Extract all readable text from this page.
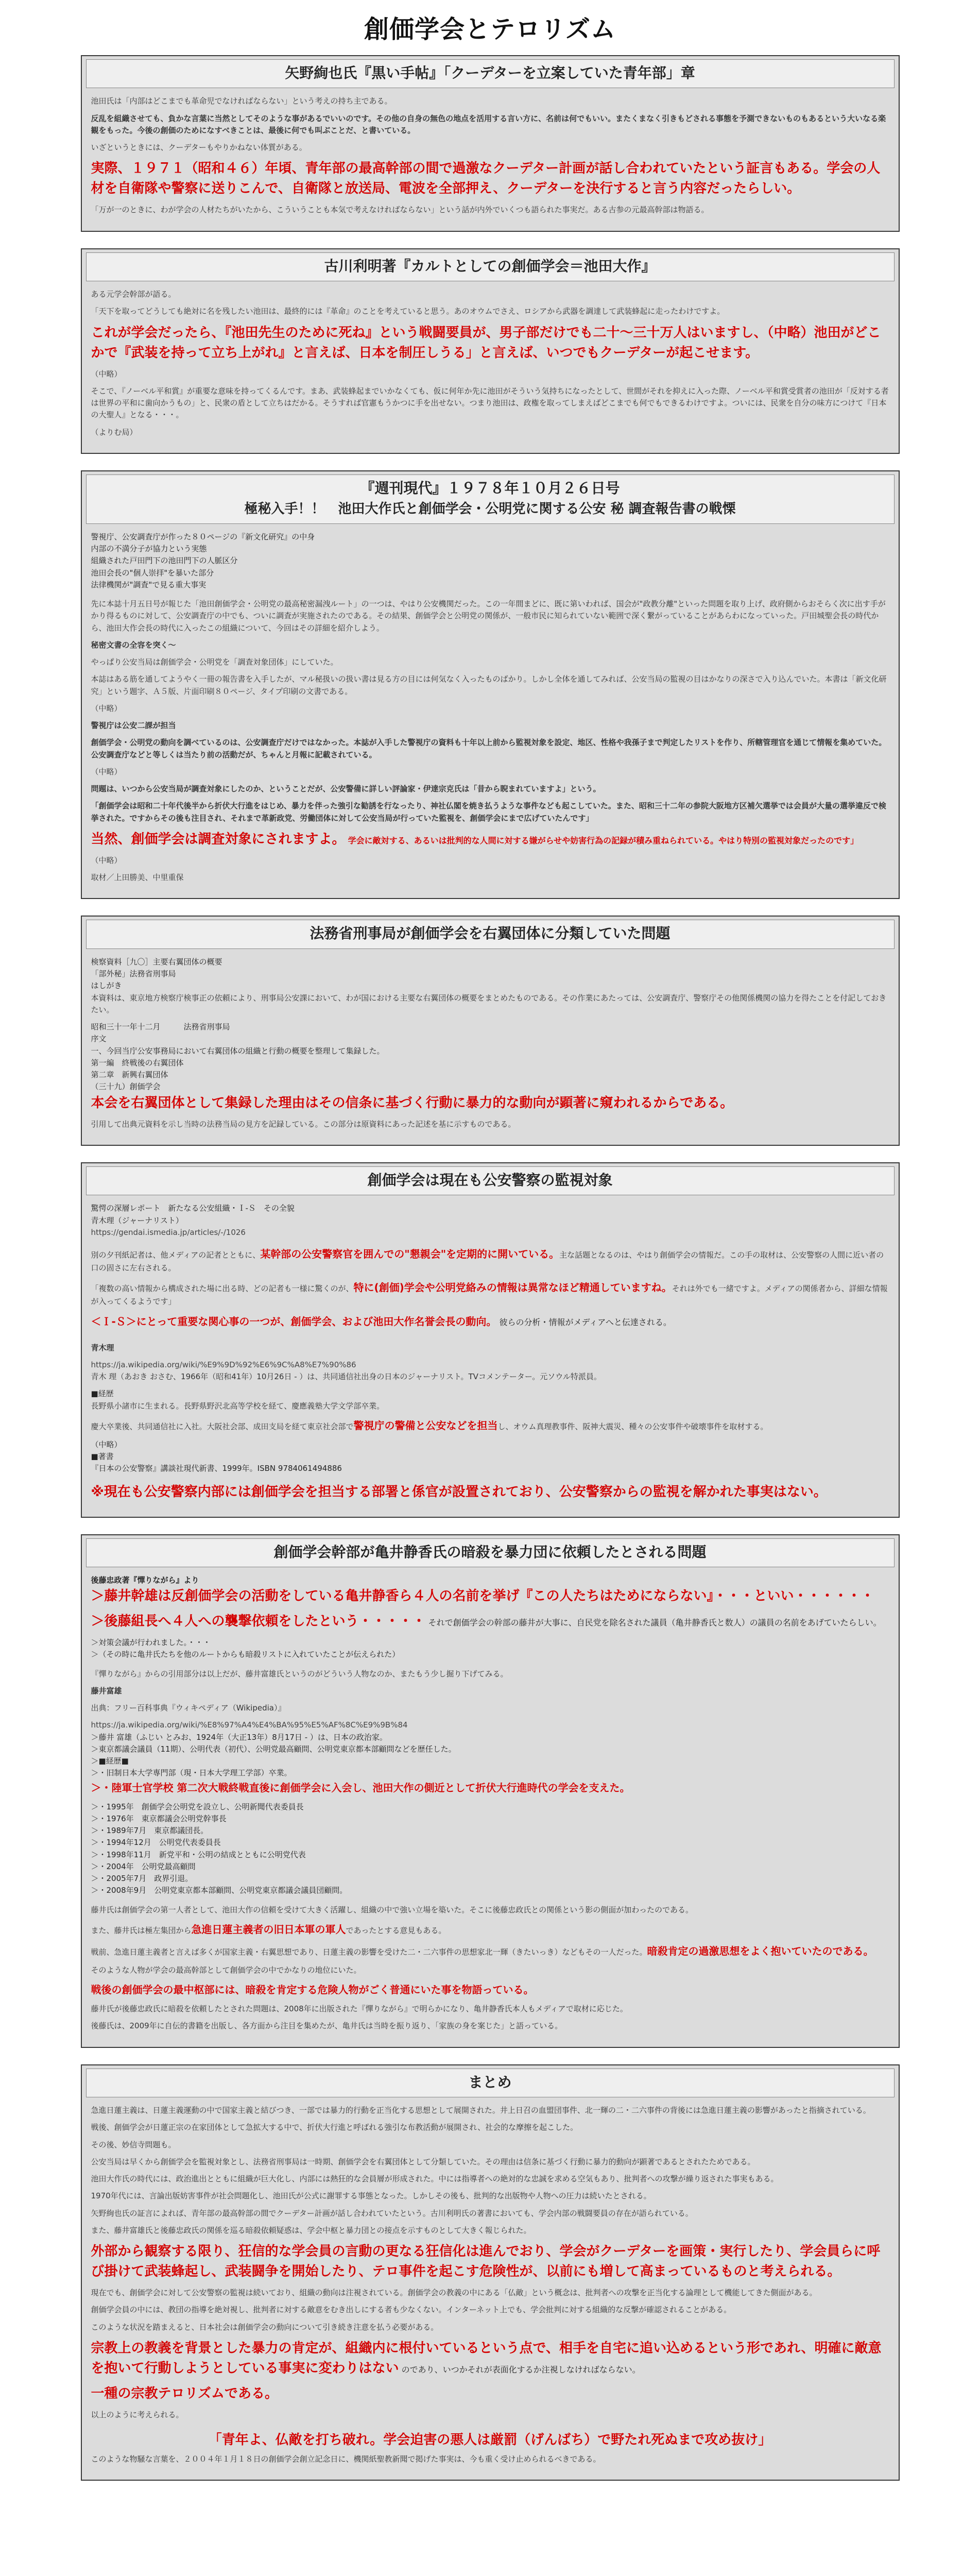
創価学会とテロリズム
矢野絢也氏『黒い手帖』「クーデターを立案していた青年部」章

池田氏は「内部はどこまでも革命児でなければならない」という考えの持ち主である。

反乱を組織させても、負かな言葉に当然としてそのような事があるでいいのです。その他の自身の無色の地点を活用する言い方に、名前は何でもいい。またくまなく引きもどされる事態を予測できないものもあるという大いなる楽観をもった。今後の創価のためになすべきことは、最後に何でも叫ぶことだ、と書いている。

いざというときには、クーデターもやりかねない体質がある。

実際、１９７１（昭和４６）年頃、青年部の最高幹部の間で過激なクーデター計画が話し合われていたという証言もある。学会の人材を自衛隊や警察に送りこんで、自衛隊と放送局、電波を全部押え、クーデターを決行すると言う内容だったらしい。

「万が一のときに、わが学会の人材たちがいたから、こういうことも本気で考えなければならない」という話が内外でいくつも語られた事実だ。ある古参の元最高幹部は物語る。

古川利明著『カルトとしての創価学会＝池田大作』

ある元学会幹部が語る。

「天下を取ってどうしても絶対に名を残したい池田は、最終的には『革命』のことを考えていると思う。あのオウムでさえ、ロシアから武器を調達して武装蜂起に走ったわけですよ。

これが学会だったら、『池田先生のために死ね』という戦闘要員が、男子部だけでも二十〜三十万人はいますし、（中略）池田がどこかで『武装を持って立ち上がれ』と言えば、日本を制圧しうる」と言えば、いつでもクーデターが起こせます。

（中略）

そこで、『ノーベル平和賞』が重要な意味を持ってくるんです。まあ、武装蜂起までいかなくても、仮に何年か先に池田がそういう気持ちになったとして、世間がそれを抑えに入った際、ノーベル平和賞受賞者の池田が「反対する者は世界の平和に歯向かうもの」と、民衆の盾として立ちはだかる。そうすれば官憲もうかつに手を出せない。つまり池田は、政権を取ってしまえばどこまでも何でもできるわけですよ。ついには、民衆を自分の味方につけて『日本の大聖人』となる・・・。

（よりむ局）

『週刊現代』１９７８年１０月２６日号
極秘入手！！　池田大作氏と創価学会・公明党に関する公安 秘 調査報告書の戦慄

警視庁、公安調査庁が作った８０ページの『新文化研究』の中身

内部の不満分子が協力という実態

組織された戸田門下の池田門下の人脈区分

池田会長の"個人崇拝"を暴いた部分

法律機関が"調査"で見る重大事実

先に本誌十月五日号が報じた「池田創価学会・公明党の最高秘密漏洩ルート」の一つは、やはり公安機関だった。この一年間まどに、既に第いわれば、国会が"政教分離"といった問題を取り上げ、政府側からおそらく次に出す手がかり得るものに対して、公安調査庁の中でも、ついに調査が実施されたのである。その結果、創価学会と公明党の関係が、一般市民に知られていない範囲で深く繋がっていることがあらわになっていった。戸田城聖会長の時代から、池田大作会長の時代に入ったこの組織について、今回はその詳細を紹介しよう。

秘密文書の全容を突く〜

やっぱり公安当局は創価学会・公明党を「調査対象団体」にしていた。

本誌はある筋を通してようやく一冊の報告書を入手したが、マル秘扱いの扱い書は見る方の目には何気なく入ったものばかり。しかし全体を通してみれば、公安当局の監視の目はかなりの深さで入り込んでいた。本書は「新文化研究」という題字、Ａ５版、片面印刷８０ページ、タイプ印刷の文書である。

（中略）

警視庁は公安二課が担当

創価学会・公明党の動向を調べているのは、公安調査庁だけではなかった。本誌が入手した警視庁の資料も十年以上前から監視対象を設定、地区、性格や我孫子まで判定したリストを作り、所轄管理官を通じて情報を集めていた。公安調査庁などと等しくは当たり前の活動だが、ちゃんと月報に記載されている。

（中略）

問題は、いつから公安当局が調査対象にしたのか、ということだが、公安警備に詳しい評論家・伊達宗克氏は「昔から睨まれていますよ」という。

「創価学会は昭和二十年代後半から折伏大行進をはじめ、暴力を伴った強引な勧誘を行なったり、神社仏閣を焼き払うような事件なども起こしていた。また、昭和三十二年の参院大阪地方区補欠選挙では会員が大量の選挙違反で検挙された。ですからその後も注目され、それまで革新政党、労働団体に対して公安当局が行っていた監視を、創価学会にまで広げていたんです」

当然、創価学会は調査対象にされますよ。 学会に敵対する、あるいは批判的な人間に対する嫌がらせや妨害行為の記録が積み重ねられている。やはり特別の監視対象だったのです」

（中略）

取材／上田勝美、中里重保

法務省刑事局が創価学会を右翼団体に分類していた問題

検察資料［九〇］主要右翼団体の概要

「部外秘」法務省刑事局

はしがき

本資料は、東京地方検察庁検事正の依頼により、刑事局公安課において、わが国における主要な右翼団体の概要をまとめたものである。その作業にあたっては、公安調査庁、警察庁その他関係機関の協力を得たことを付記しておきたい。

昭和三十一年十二月　　　法務省刑事局

序文

一、今回当庁公安事務局において右翼団体の組織と行動の概要を整理して集録した。

第一編　終戦後の右翼団体

第二章　新興右翼団体

（三十九）創価学会

本会を右翼団体として集録した理由はその信条に基づく行動に暴力的な動向が顕著に窺われるからである。

引用して出典元資料を示し当時の法務当局の見方を記録している。この部分は原資料にあった記述を基に示すものである。

創価学会は現在も公安警察の監視対象

驚愕の深層レポート　新たなる公安組織・Ｉ-Ｓ　その全貌

青木理（ジャーナリスト）

https://gendai.ismedia.jp/articles/-/1026

別の夕刊紙記者は、他メディアの記者とともに、某幹部の公安警察官を囲んでの"懇親会"を定期的に開いている。主な話題となるのは、やはり創価学会の情報だ。この手の取材は、公安警察の人間に近い者の口の固さに左右される。

「複数の高い情報から構成された場に出る時、どの記者も一様に驚くのが、特に(創価)学会や公明党絡みの情報は異常なほど精通していますね。それは外でも一緒ですよ。メディアの関係者から、詳細な情報が入ってくるようです」

＜Ｉ-Ｓ＞にとって重要な関心事の一つが、創価学会、および池田大作名誉会長の動向。 彼らの分析・情報がメディアへと伝達される。

青木理

https://ja.wikipedia.org/wiki/%E9%9D%92%E6%9C%A8%E7%90%86

青木 理（あおき おさむ、1966年（昭和41年）10月26日 - ）は、共同通信社出身の日本のジャーナリスト。TVコメンテーター。元ソウル特派員。

■経歴

長野県小諸市に生まれる。長野県野沢北高等学校を経て、慶應義塾大学文学部卒業。

慶大卒業後、共同通信社に入社。大阪社会部、成田支局を経て東京社会部で警視庁の警備と公安などを担当し、オウム真理教事件、阪神大震災、種々の公安事件や破壊事件を取材する。

（中略）

■著書

『日本の公安警察』講談社現代新書、1999年。ISBN 9784061494886

※現在も公安警察内部には創価学会を担当する部署と係官が設置されており、公安警察からの監視を解かれた事実はない。

創価学会幹部が亀井静香氏の暗殺を暴力団に依頼したとされる問題

後藤忠政著『憚りながら』より

＞藤井幹雄は反創価学会の活動をしている亀井静香ら４人の名前を挙げ『この人たちはためにならない』・・・といい・・・・・・

＞後藤組長へ４人への襲撃依頼をしたという・・・・・ それで創価学会の幹部の藤井が大事に、自民党を除名された議員（亀井静香氏と数人）の議員の名前をあげていたらしい。

＞対策会議が行われました。・・・

＞（その時に亀井氏たちを他のルートからも暗殺リストに入れていたことが伝えられた）

『憚りながら』からの引用部分は以上だが、藤井富雄氏というのがどういう人物なのか、またもう少し掘り下げてみる。

藤井富雄

出典：フリー百科事典『ウィキペディア（Wikipedia）』

https://ja.wikipedia.org/wiki/%E8%97%A4%E4%BA%95%E5%AF%8C%E9%9B%84

＞藤井 富雄（ふじい とみお、1924年（大正13年）8月17日 - ）は、日本の政治家。

＞東京都議会議員（11期）、公明代表（初代）、公明党最高顧問、公明党東京都本部顧問などを歴任した。

＞■経歴■

＞・旧制日本大学専門部（現・日本大学理工学部）卒業。

＞・陸軍士官学校 第二次大戦終戦直後に創価学会に入会し、池田大作の側近として折伏大行進時代の学会を支えた。

＞・1995年　創価学会公明党を設立し、公明新聞代表委員長

＞・1976年　東京都議会公明党幹事長

＞・1989年7月　東京都議団長。

＞・1994年12月　公明党代表委員長

＞・1998年11月　新党平和・公明の結成とともに公明党代表

＞・2004年　公明党最高顧問

＞・2005年7月　政界引退。

＞・2008年9月　公明党東京都本部顧問、公明党東京都議会議員団顧問。

藤井氏は創価学会の第一人者として、池田大作の信頼を受けて大きく活躍し、組織の中で強い立場を築いた。そこに後藤忠政氏との関係という影の側面が加わったのである。

また、藤井氏は極左集団から急進日蓮主義者の旧日本軍の軍人であったとする意見もある。

戦前、急進日蓮主義者と言えば多くが国家主義・右翼思想であり、日蓮主義の影響を受けた二・二六事件の思想家北一輝（きたいっき）などもその一人だった。暗殺肯定の過激思想をよく抱いていたのである。

そのような人物が学会の最高幹部として創価学会の中でかなりの地位にいた。

戦後の創価学会の最中枢部には、暗殺を肯定する危険人物がごく普通にいた事を物語っている。

藤井氏が後藤忠政氏に暗殺を依頼したとされた問題は、2008年に出版された『憚りながら』で明らかになり、亀井静香氏本人もメディアで取材に応じた。

後藤氏は、2009年に自伝的書籍を出版し、各方面から注目を集めたが、亀井氏は当時を振り返り、「家族の身を案じた」と語っている。

まとめ

急進日蓮主義は、日蓮主義運動の中で国家主義と結びつき、一部では暴力的行動を正当化する思想として展開された。井上日召の血盟団事件、北一輝の二・二六事件の背後には急進日蓮主義の影響があったと指摘されている。

戦後、創価学会が日蓮正宗の在家団体として急拡大する中で、折伏大行進と呼ばれる強引な布教活動が展開され、社会的な摩擦を起こした。

その後、妙信寺問題も。

公安当局は早くから創価学会を監視対象とし、法務省刑事局は一時期、創価学会を右翼団体として分類していた。その理由は信条に基づく行動に暴力的動向が顕著であるとされたためである。

池田大作氏の時代には、政治進出とともに組織が巨大化し、内部には熱狂的な会員層が形成された。中には指導者への絶対的な忠誠を求める空気もあり、批判者への攻撃が繰り返された事実もある。

1970年代には、言論出版妨害事件が社会問題化し、池田氏が公式に謝罪する事態となった。しかしその後も、批判的な出版物や人物への圧力は続いたとされる。

矢野絢也氏の証言によれば、青年部の最高幹部の間でクーデター計画が話し合われていたという。古川利明氏の著書においても、学会内部の戦闘要員の存在が語られている。

また、藤井富雄氏と後藤忠政氏の関係を巡る暗殺依頼疑惑は、学会中枢と暴力団との接点を示すものとして大きく報じられた。

外部から観察する限り、狂信的な学会員の言動の更なる狂信化は進んでおり、学会がクーデターを画策・実行したり、学会員らに呼び掛けて武装蜂起し、武装闘争を開始したり、テロ事件を起こす危険性が、以前にも増して高まっているものと考えられる。

現在でも、創価学会に対して公安警察の監視は続いており、組織の動向は注視されている。創価学会の教義の中にある「仏敵」という概念は、批判者への攻撃を正当化する論理として機能してきた側面がある。

創価学会員の中には、教団の指導を絶対視し、批判者に対する敵意をむき出しにする者も少なくない。インターネット上でも、学会批判に対する組織的な反撃が確認されることがある。

このような状況を踏まえると、日本社会は創価学会の動向について引き続き注意を払う必要がある。

宗教上の教義を背景とした暴力の肯定が、組織内に根付いているという点で、相手を自宅に追い込めるという形であれ、明確に敵意を抱いて行動しようとしている事実に変わりはない のであり、いつかそれが表面化するか注視しなければならない。

一種の宗教テロリズムである。

以上のように考えられる。

「青年よ、仏敵を打ち破れ。学会迫害の悪人は厳罰（げんばち）で野たれ死ぬまで攻め抜け」

このような物騒な言葉を、２００４年１月１８日の創価学会創立記念日に、機関紙聖教新聞で掲げた事実は、今も重く受け止められるべきである。
